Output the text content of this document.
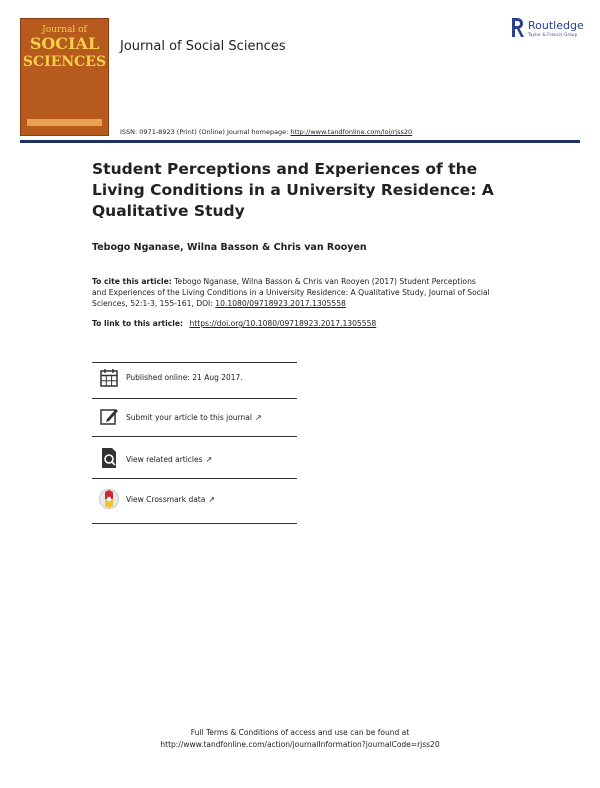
Journal of
SOCIAL
SCIENCES
Journal of Social Sciences
Routledge
Taylor & Francis Group
ISSN: 0971-8923 (Print) (Online) Journal homepage: http://www.tandfonline.com/loi/rjss20
Student Perceptions and Experiences of the Living Conditions in a University Residence: A Qualitative Study
Tebogo Nganase, Wilna Basson & Chris van Rooyen
To cite this article: Tebogo Nganase, Wilna Basson & Chris van Rooyen (2017) Student Perceptions and Experiences of the Living Conditions in a University Residence: A Qualitative Study, Journal of Social Sciences, 52:1-3, 155-161, DOI: 10.1080/09718923.2017.1305558
To link to this article: https://doi.org/10.1080/09718923.2017.1305558
Published online: 21 Aug 2017.
Submit your article to this journal ↗
View related articles ↗
View Crossmark data ↗
Full Terms & Conditions of access and use can be found at
http://www.tandfonline.com/action/journalInformation?journalCode=rjss20
